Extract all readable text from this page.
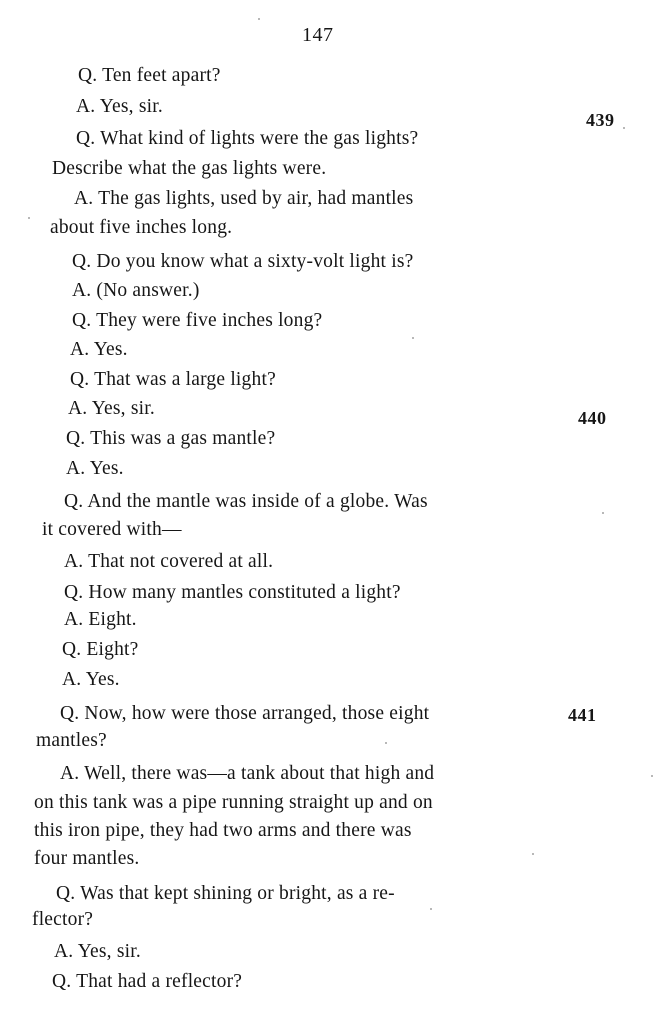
147
Q. Ten feet apart?
A. Yes, sir.
Q. What kind of lights were the gas lights?
Describe what the gas lights were.
A. The gas lights, used by air, had mantles
about five inches long.
Q. Do you know what a sixty-volt light is?
A. (No answer.)
Q. They were five inches long?
A. Yes.
Q. That was a large light?
A. Yes, sir.
Q. This was a gas mantle?
A. Yes.
Q. And the mantle was inside of a globe. Was
it covered with—
A. That not covered at all.
Q. How many mantles constituted a light?
A. Eight.
Q. Eight?
A. Yes.
Q. Now, how were those arranged, those eight
mantles?
A. Well, there was—a tank about that high and
on this tank was a pipe running straight up and on
this iron pipe, they had two arms and there was
four mantles.
Q. Was that kept shining or bright, as a re-
flector?
A. Yes, sir.
Q. That had a reflector?
439
440
441
